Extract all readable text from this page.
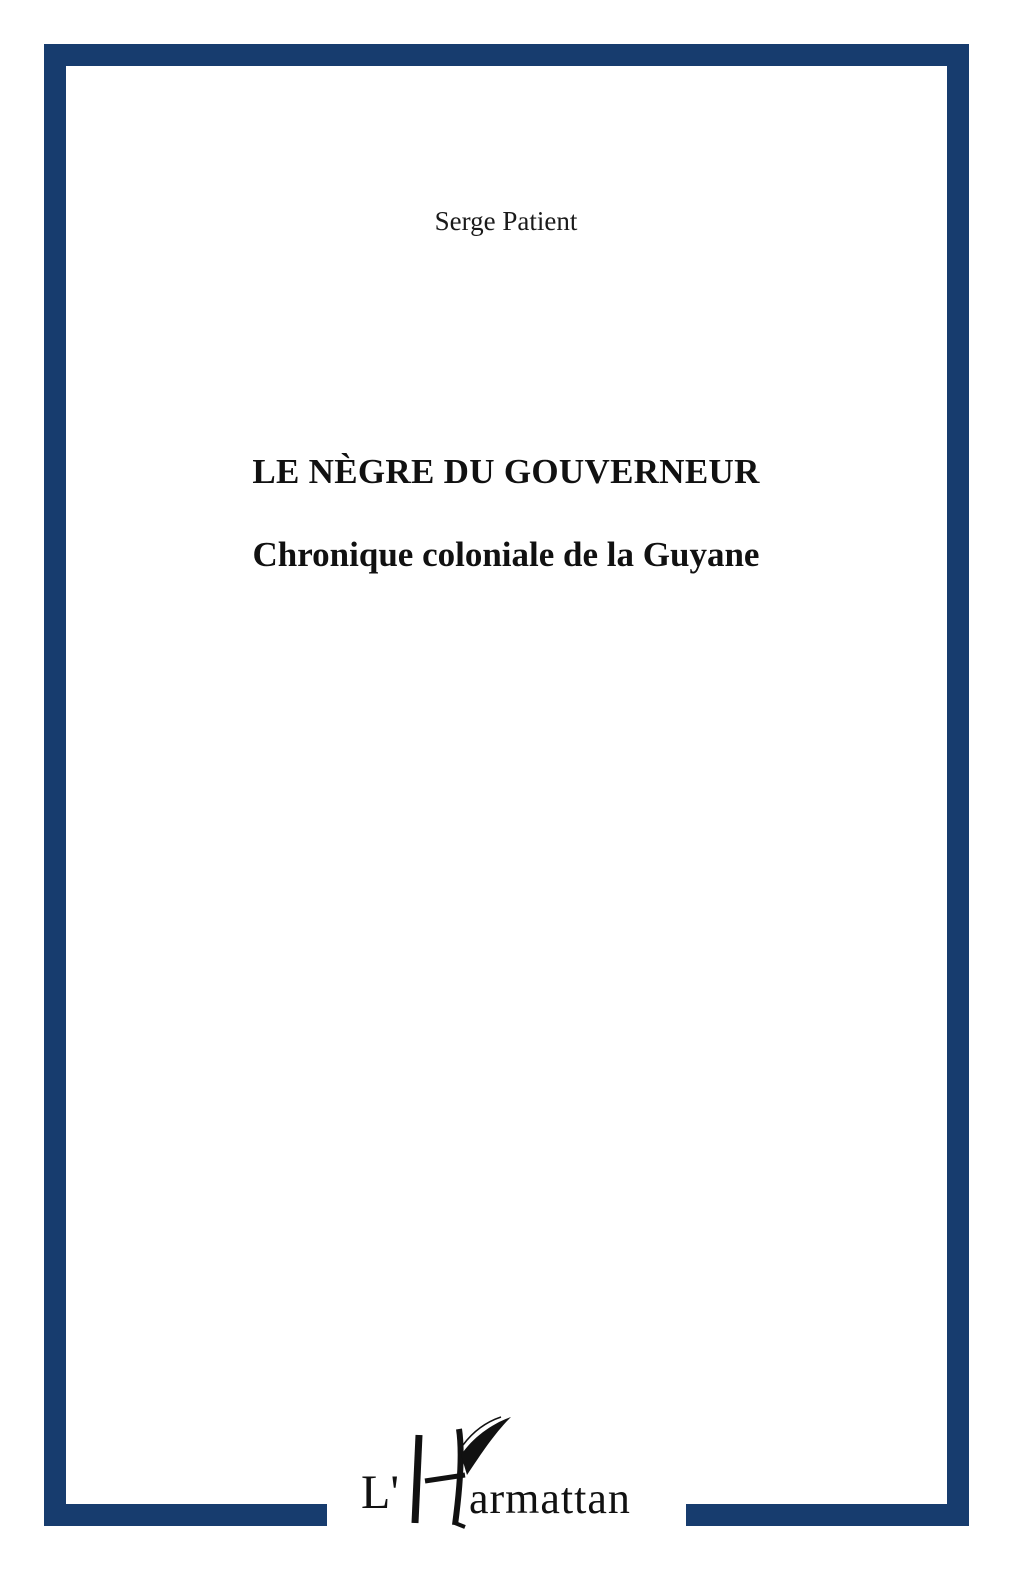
Serge Patient
LE NÈGRE DU GOUVERNEUR
Chronique coloniale de la Guyane
L' armattan
